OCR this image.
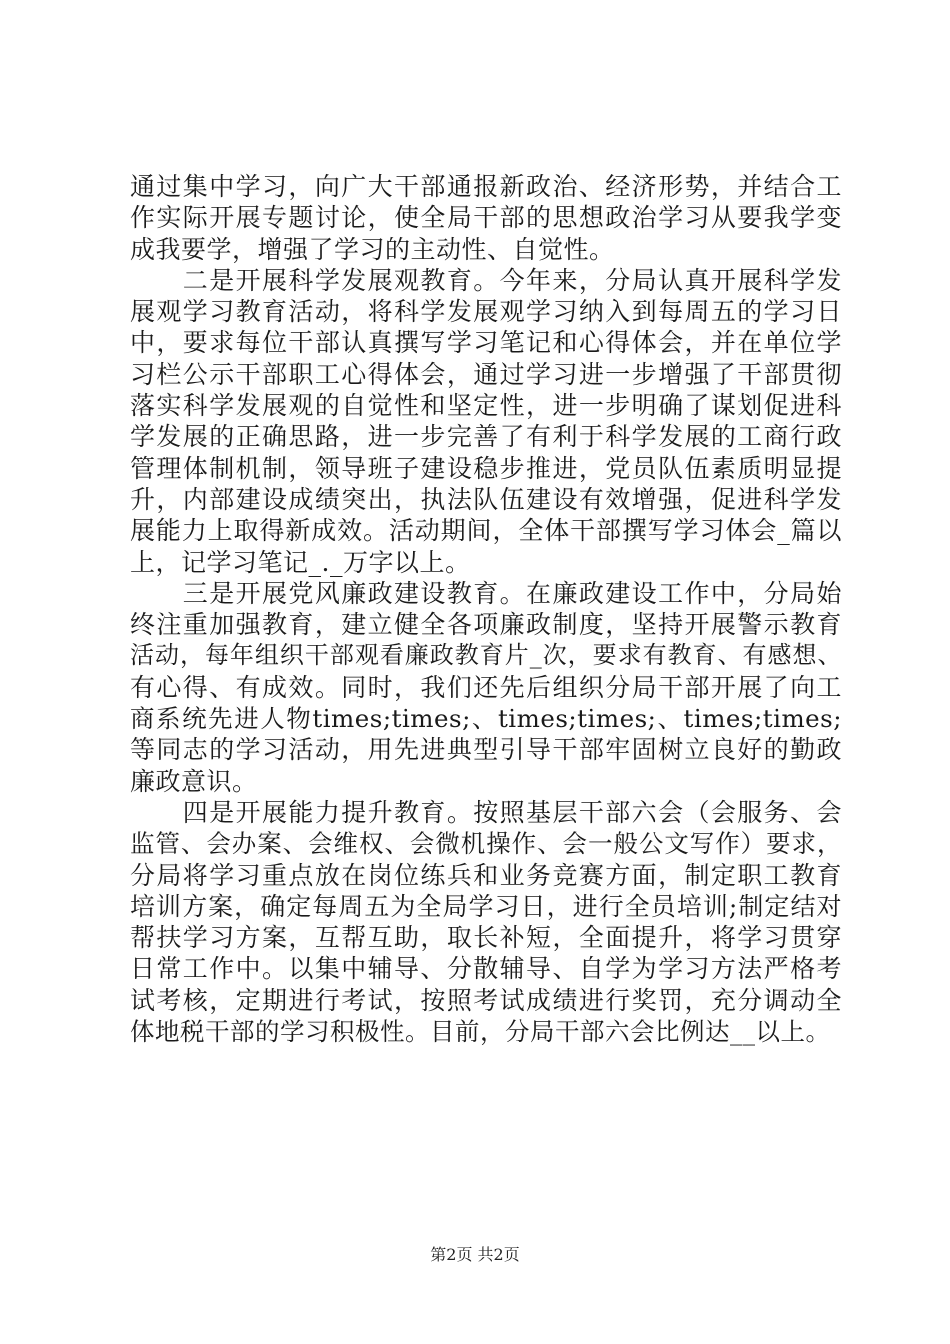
通过集中学习，向广大干部通报新政治、经济形势，并结合工
作实际开展专题讨论，使全局干部的思想政治学习从要我学变
成我要学，增强了学习的主动性、自觉性。
　　二是开展科学发展观教育。今年来，分局认真开展科学发
展观学习教育活动，将科学发展观学习纳入到每周五的学习日
中，要求每位干部认真撰写学习笔记和心得体会，并在单位学
习栏公示干部职工心得体会，通过学习进一步增强了干部贯彻
落实科学发展观的自觉性和坚定性，进一步明确了谋划促进科
学发展的正确思路，进一步完善了有利于科学发展的工商行政
管理体制机制，领导班子建设稳步推进，党员队伍素质明显提
升，内部建设成绩突出，执法队伍建设有效增强，促进科学发
展能力上取得新成效。活动期间，全体干部撰写学习体会_篇以
上，记学习笔记_._万字以上。
　　三是开展党风廉政建设教育。在廉政建设工作中，分局始
终注重加强教育，建立健全各项廉政制度，坚持开展警示教育
活动，每年组织干部观看廉政教育片_次，要求有教育、有感想、
有心得、有成效。同时，我们还先后组织分局干部开展了向工
商系统先进人物times;times;、times;times;、times;times;
等同志的学习活动，用先进典型引导干部牢固树立良好的勤政
廉政意识。
　　四是开展能力提升教育。按照基层干部六会（会服务、会
监管、会办案、会维权、会微机操作、会一般公文写作）要求，
分局将学习重点放在岗位练兵和业务竞赛方面，制定职工教育
培训方案，确定每周五为全局学习日，进行全员培训;制定结对
帮扶学习方案，互帮互助，取长补短，全面提升，将学习贯穿
日常工作中。以集中辅导、分散辅导、自学为学习方法严格考
试考核，定期进行考试，按照考试成绩进行奖罚，充分调动全
体地税干部的学习积极性。目前，分局干部六会比例达__以上。
第2页 共2页
